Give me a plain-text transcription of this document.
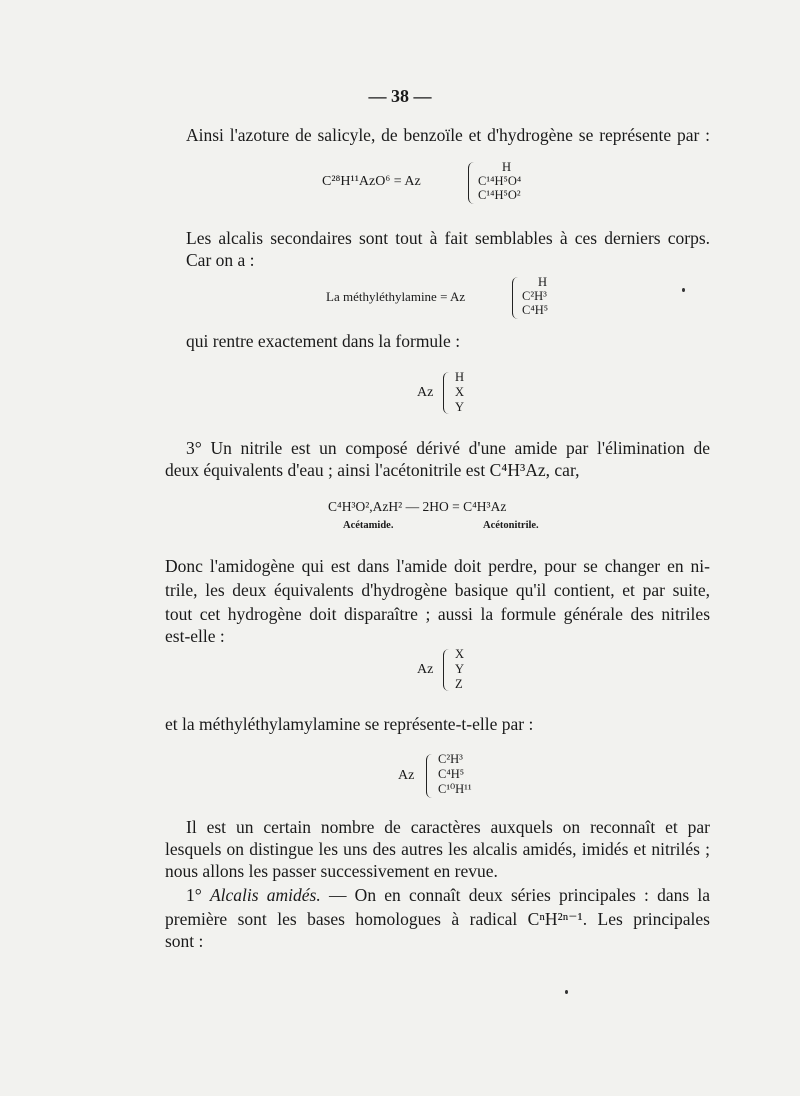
— 38 —
Ainsi l'azoture de salicyle, de benzoïle et d'hydrogène se représente par :
C²⁸H¹¹AzO⁶ = Az
H
C¹⁴H⁵O⁴
C¹⁴H⁵O²
Les alcalis secondaires sont tout à fait semblables à ces derniers corps.
Car on a :
La méthyléthylamine = Az
H
C²H³
C⁴H⁵
qui rentre exactement dans la formule :
Az
H
X
Y
3° Un nitrile est un composé dérivé d'une amide par l'élimination de
deux équivalents d'eau ; ainsi l'acétonitrile est C⁴H³Az, car,
C⁴H³O²,AzH² — 2HO = C⁴H³Az
Acétamide.	Acétonitrile.
Donc l'amidogène qui est dans l'amide doit perdre, pour se changer en ni-
trile, les deux équivalents d'hydrogène basique qu'il contient, et par suite,
tout cet hydrogène doit disparaître ; aussi la formule générale des nitriles
est-elle :
Az
X
Y
Z
et la méthyléthylamylamine se représente-t-elle par :
Az
C²H³
C⁴H⁵
C¹⁰H¹¹
Il est un certain nombre de caractères auxquels on reconnaît et par
lesquels on distingue les uns des autres les alcalis amidés, imidés et nitrilés ;
nous allons les passer successivement en revue.
1° Alcalis amidés. — On en connaît deux séries principales : dans la
première sont les bases homologues à radical CⁿH²ⁿ⁻¹. Les principales
sont :
